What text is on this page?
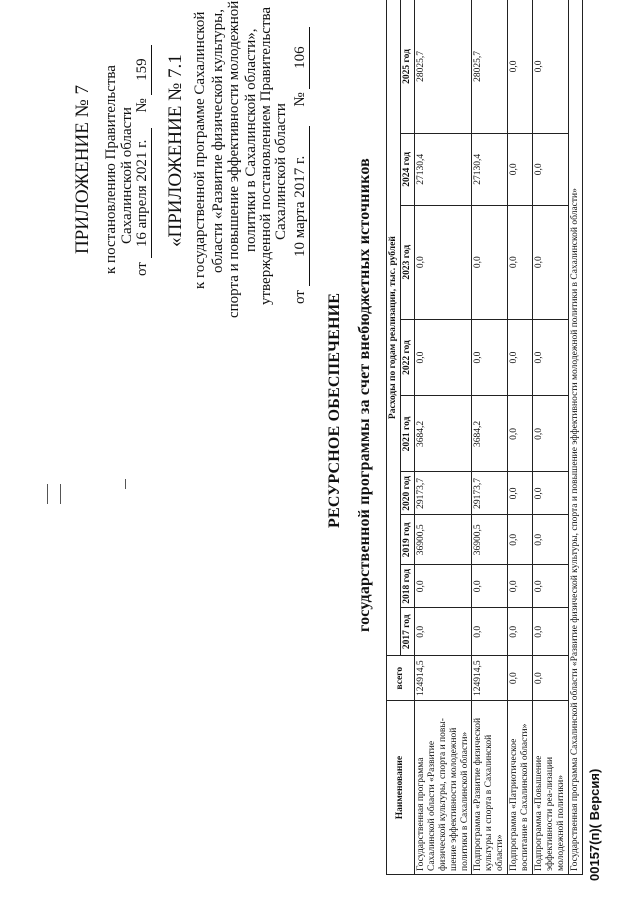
ПРИЛОЖЕНИЕ № 7 к постановлению Правительства Сахалинской области
от 16 апреля 2021 г. № 159 «ПРИЛОЖЕНИЕ № 7.1 к государственной программе Сахалинской области «Развитие физической культуры, спорта и повышение эффективности молодежной политики в Сахалинской области», утвержденной постановлением Правительства Сахалинской области
от 10 марта 2017 г. № 106
РЕСУРСНОЕ ОБЕСПЕЧЕНИЕ государственной программы за счет внебюджетных источников
Наименование	всего	Расходы по годам реализации, тыс. рублей								
		2017 год	2018 год	2019 год	2020 год	2021 год	2022 год	2023 год	2024 год	2025 год
Государственная программа Сахалинской области «Развитие физической культуры, спорта и повы-шение эффективности молодежной политики в Сахалинской области»	124914,5	0,0	0,0	36900,5	29173,7	3684,2	0,0	0,0	27130,4	28025,7
Подпрограмма «Развитие физической культуры и спорта в Сахалинской области»	124914,5	0,0	0,0	36900,5	29173,7	3684,2	0,0	0,0	27130,4	28025,7
Подпрограмма «Патриотическое воспитание в Сахалинской области»	0,0	0,0	0,0	0,0	0,0	0,0	0,0	0,0	0,0	0,0
Подпрограмма «Повышение эффективности реа-лизации молодежной политики»	0,0	0,0	0,0	0,0	0,0	0,0	0,0	0,0	0,0	0,0
Государственная программа Сахалинской области «Развитие физической культуры, спорта и повышение эффективности молодежной политики в Сахалинской области»										00157(п)( Версия)
